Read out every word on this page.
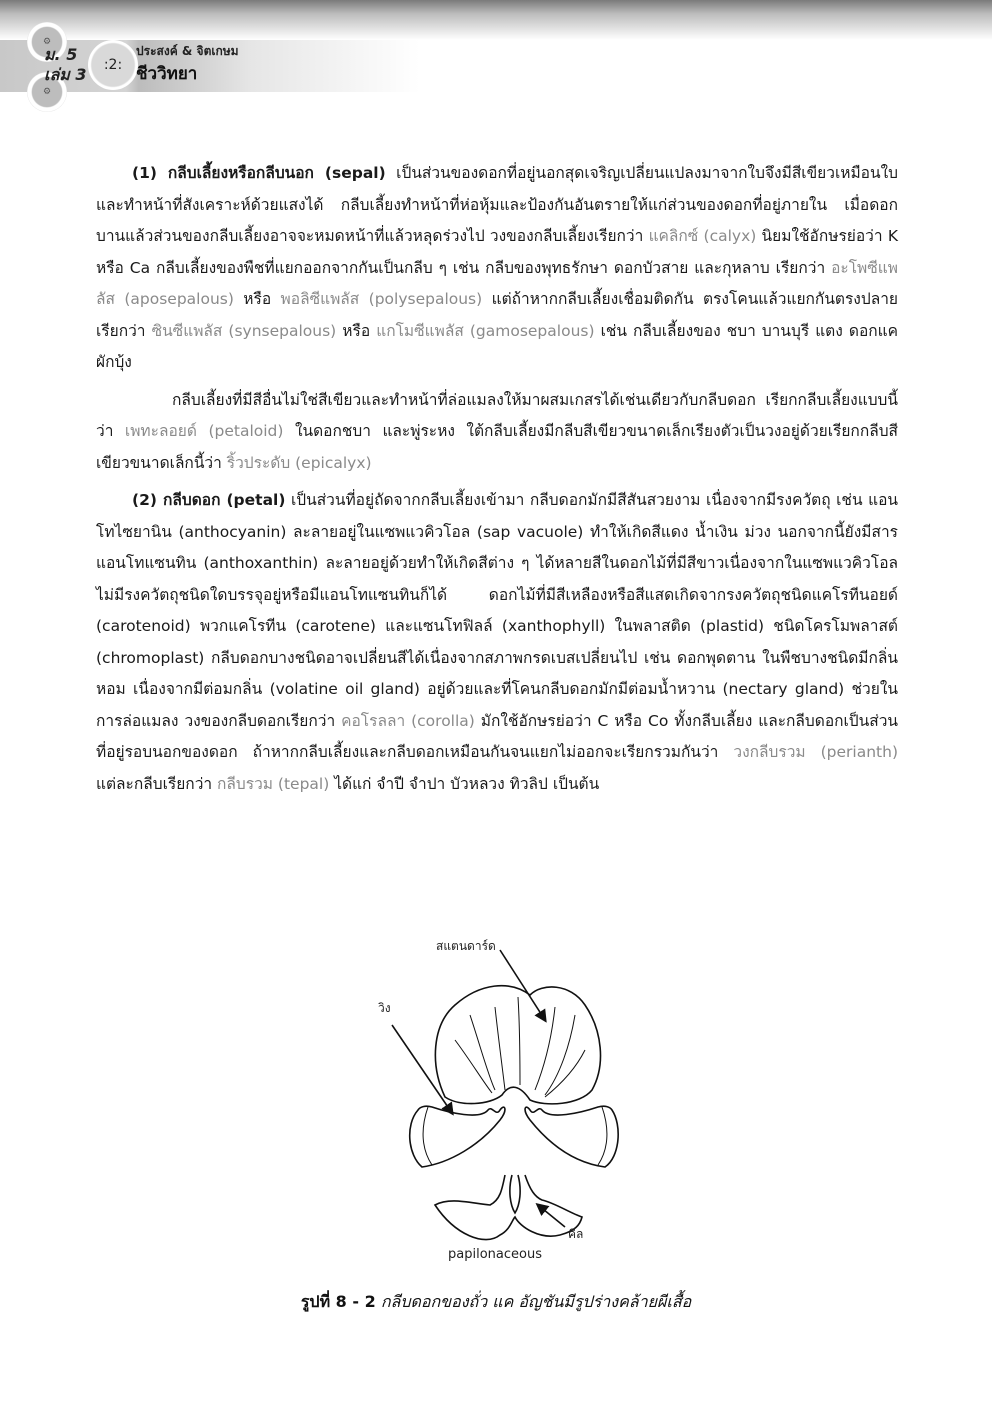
⚙
⚙
ม. 5
เล่ม 3 :2:
ประสงค์ & จิตเกษม
ชีววิทยา

(1) กลีบเลี้ยงหรือกลีบนอก (sepal) เป็นส่วนของดอกที่อยู่นอกสุดเจริญเปลี่ยนแปลงมาจากใบจึงมีสีเขียวเหมือนใบและทำหน้าที่สังเคราะห์ด้วยแสงได้ กลีบเลี้ยงทำหน้าที่ห่อหุ้มและป้องกันอันตรายให้แก่ส่วนของดอกที่อยู่ภายใน เมื่อดอกบานแล้วส่วนของกลีบเลี้ยงอาจจะหมดหน้าที่แล้วหลุดร่วงไป วงของกลีบเลี้ยงเรียกว่า แคลิกซ์ (calyx) นิยมใช้อักษรย่อว่า K หรือ Ca กลีบเลี้ยงของพืชที่แยกออกจากกันเป็นกลีบ ๆ เช่น กลีบของพุทธรักษา ดอกบัวสาย และกุหลาบ เรียกว่า อะโพซีแพลัส (aposepalous) หรือ พอลิซีแพลัส (polysepalous) แต่ถ้าหากกลีบเลี้ยงเชื่อมติดกัน ตรงโคนแล้วแยกกันตรงปลายเรียกว่า ซินซีแพลัส (synsepalous) หรือ แกโมซีแพลัส (gamosepalous) เช่น กลีบเลี้ยงของ ชบา บานบุรี แตง ดอกแค ผักบุ้ง

กลีบเลี้ยงที่มีสีอื่นไม่ใช่สีเขียวและทำหน้าที่ล่อแมลงให้มาผสมเกสรได้เช่นเดียวกับกลีบดอก เรียกกลีบเลี้ยงแบบนี้ว่า เพทะลอยด์ (petaloid) ในดอกชบา และพู่ระหง ใต้กลีบเลี้ยงมีกลีบสีเขียวขนาดเล็กเรียงตัวเป็นวงอยู่ด้วยเรียกกลีบสีเขียวขนาดเล็กนี้ว่า ริ้วประดับ (epicalyx)

(2) กลีบดอก (petal) เป็นส่วนที่อยู่ถัดจากกลีบเลี้ยงเข้ามา กลีบดอกมักมีสีสันสวยงาม เนื่องจากมีรงควัตถุ เช่น แอนโทไซยานิน (anthocyanin) ละลายอยู่ในแซพแวคิวโอล (sap vacuole) ทำให้เกิดสีแดง น้ำเงิน ม่วง นอกจากนี้ยังมีสารแอนโทแซนทิน (anthoxanthin) ละลายอยู่ด้วยทำให้เกิดสีต่าง ๆ ได้หลายสีในดอกไม้ที่มีสีขาวเนื่องจากในแซพแวคิวโอลไม่มีรงควัตถุชนิดใดบรรจุอยู่หรือมีแอนโทแซนทินก็ได้ ดอกไม้ที่มีสีเหลืองหรือสีแสดเกิดจากรงควัตถุชนิดแคโรทีนอยด์ (carotenoid) พวกแคโรทีน (carotene) และแซนโทฟิลล์ (xanthophyll) ในพลาสติด (plastid) ชนิดโครโมพลาสต์ (chromoplast) กลีบดอกบางชนิดอาจเปลี่ยนสีได้เนื่องจากสภาพกรดเบสเปลี่ยนไป เช่น ดอกพุดตาน ในพืชบางชนิดมีกลิ่นหอม เนื่องจากมีต่อมกลิ่น (volatine oil gland) อยู่ด้วยและที่โคนกลีบดอกมักมีต่อมน้ำหวาน (nectary gland) ช่วยในการล่อแมลง วงของกลีบดอกเรียกว่า คอโรลลา (corolla) มักใช้อักษรย่อว่า C หรือ Co ทั้งกลีบเลี้ยง และกลีบดอกเป็นส่วนที่อยู่รอบนอกของดอก ถ้าหากกลีบเลี้ยงและกลีบดอกเหมือนกันจนแยกไม่ออกจะเรียกรวมกันว่า วงกลีบรวม (perianth) แต่ละกลีบเรียกว่า กลีบรวม (tepal) ได้แก่ จำปี จำปา บัวหลวง ทิวลิป เป็นต้น

สแตนดาร์ด
วิง
คีล
papilonaceous
รูปที่ 8 - 2 กลีบดอกของถั่ว แค อัญชันมีรูปร่างคล้ายผีเสื้อ
